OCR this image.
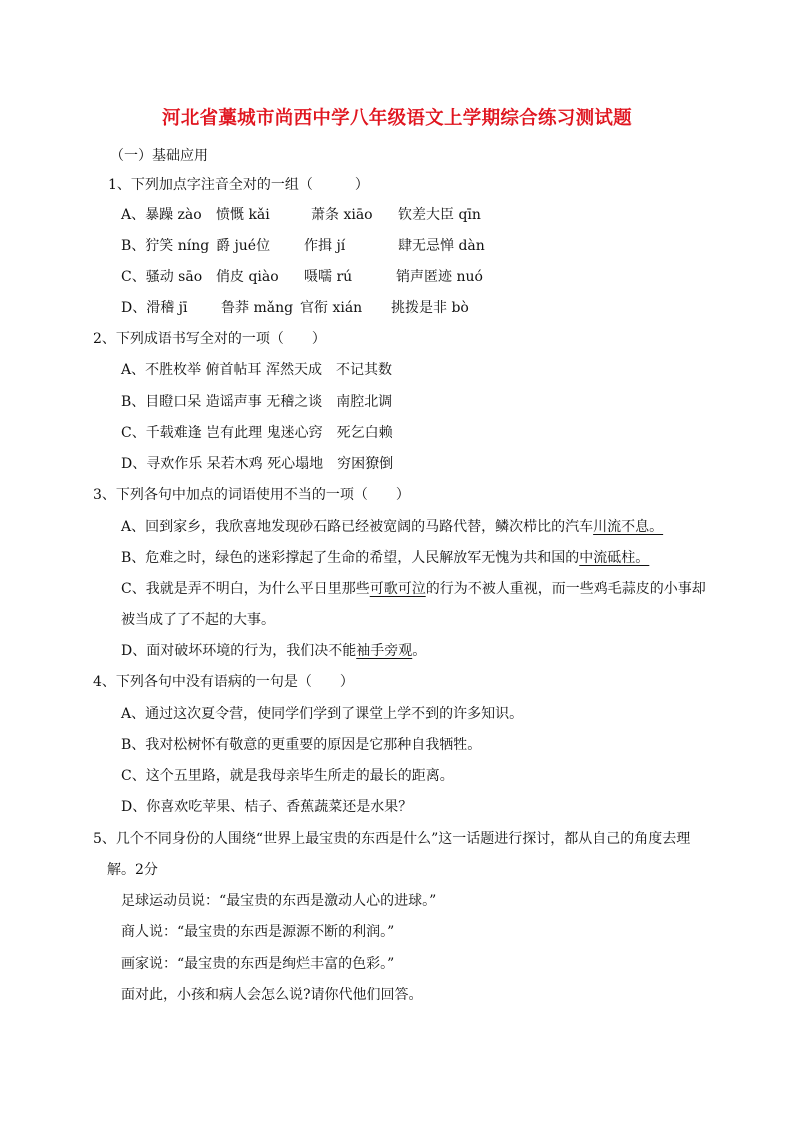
河北省藁城市尚西中学八年级语文上学期综合练习测试题
（一）基础应用
1、下列加点字注音全对的一组（　　　）
A、暴躁 zào 愤慨 kǎi	萧条 xiāo 钦差大臣 qīn
B、狞笑 níng 爵 jué位 作揖 jí	肆无忌惮 dàn
C、骚动 sāo 俏皮 qiào 嗫嚅 rú	销声匿迹 nuó
D、滑稽 jī 鲁莽 mǎng 官衔 xián 挑拨是非 bò
2、下列成语书写全对的一项（　　）
A、不胜枚举 俯首帖耳 浑然天成　不记其数
B、目瞪口呆 造谣声事 无稽之谈　南腔北调
C、千载难逢 岂有此理 鬼迷心窍　死乞白赖
D、寻欢作乐 呆若木鸡 死心塌地　穷困獠倒
3、下列各句中加点的词语使用不当的一项（　　）
A、回到家乡，我欣喜地发现砂石路已经被宽阔的马路代替，鳞次栉比的汽车川流不息。
B、危难之时，绿色的迷彩撑起了生命的希望，人民解放军无愧为共和国的中流砥柱。
C、我就是弄不明白，为什么平日里那些可歌可泣的行为不被人重视，而一些鸡毛蒜皮的小事却
被当成了了不起的大事。
D、面对破坏环境的行为，我们决不能袖手旁观。
4、下列各句中没有语病的一句是（　　）
A、通过这次夏令营，使同学们学到了课堂上学不到的许多知识。
B、我对松树怀有敬意的更重要的原因是它那种自我牺牲。
C、这个五里路，就是我母亲毕生所走的最长的距离。
D、你喜欢吃苹果、桔子、香蕉蔬菜还是水果？
5、几个不同身份的人围绕“世界上最宝贵的东西是什么”这一话题进行探讨，都从自己的角度去理
解。2分
足球运动员说：“最宝贵的东西是激动人心的进球。”
商人说：“最宝贵的东西是源源不断的利润。”
画家说：“最宝贵的东西是绚烂丰富的色彩。”
面对此，小孩和病人会怎么说?请你代他们回答。
